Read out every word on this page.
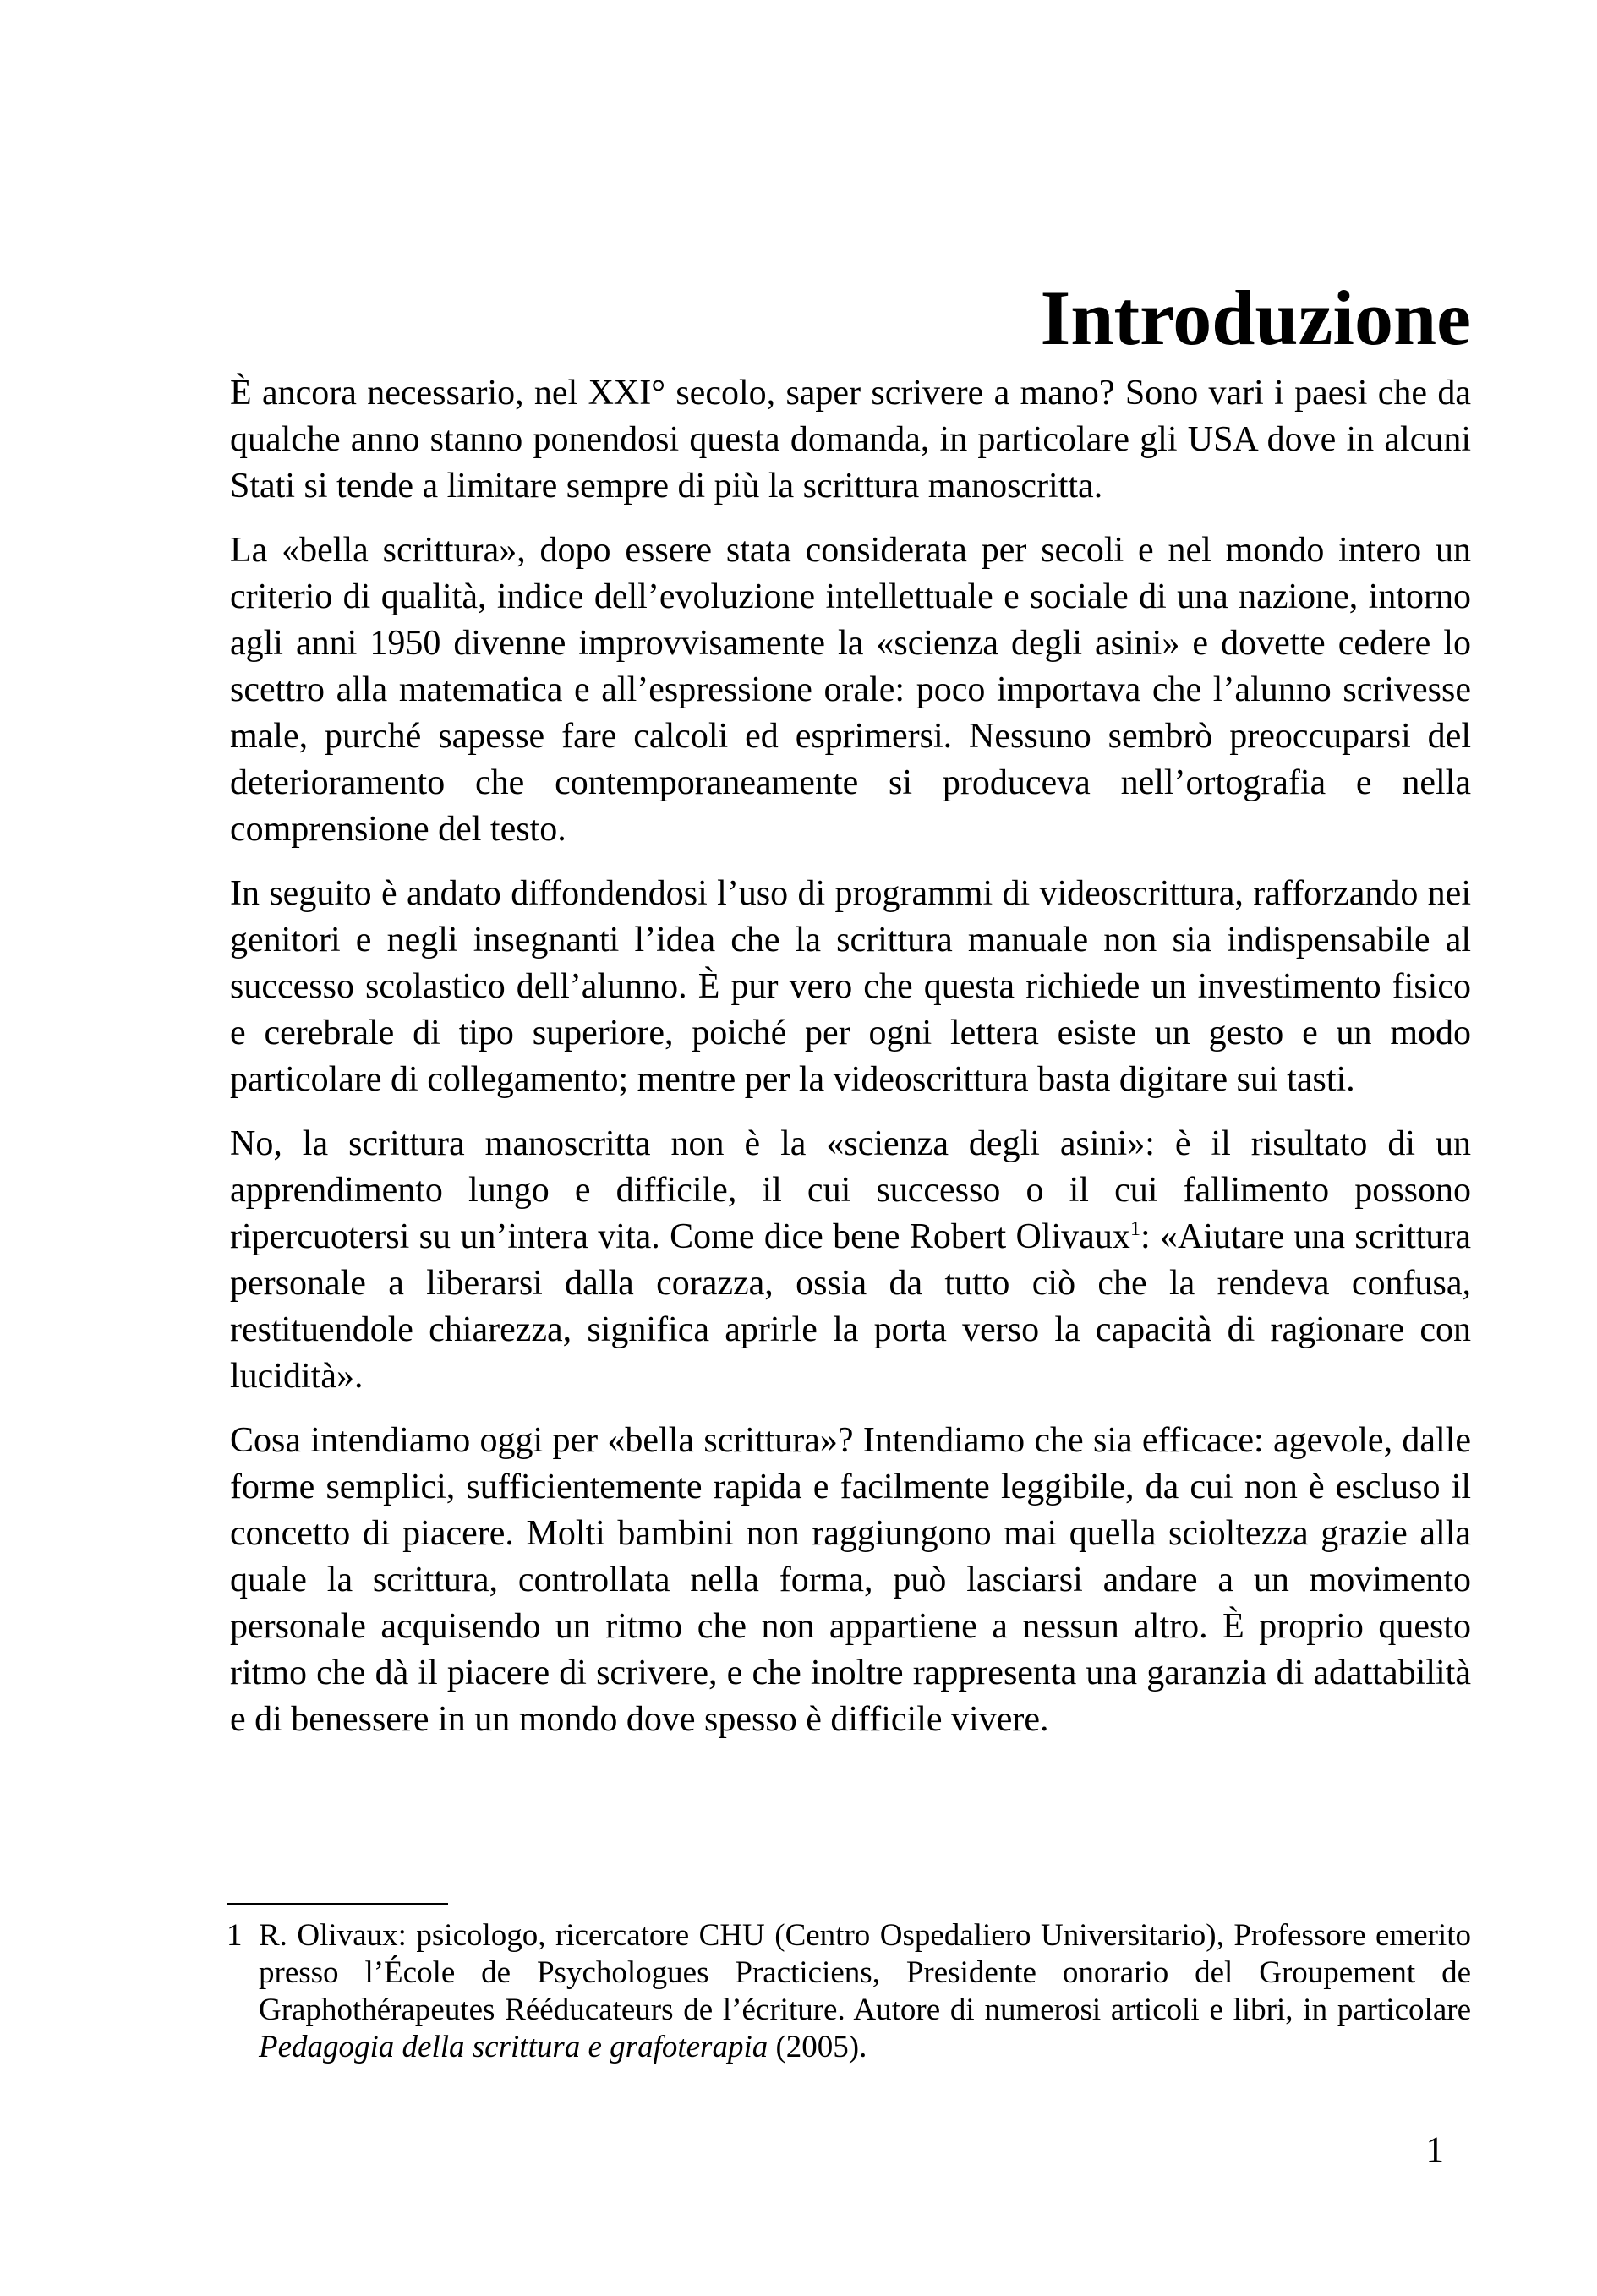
Introduzione

È ancora necessario, nel XXI° secolo, saper scrivere a mano? Sono vari i paesi che da qualche anno stanno ponendosi questa domanda, in particolare gli USA dove in alcuni Stati si tende a limitare sempre di più la scrittura manoscritta.

La «bella scrittura», dopo essere stata considerata per secoli e nel mondo intero un criterio di qualità, indice dell’evoluzione intellettuale e sociale di una nazione, intorno agli anni 1950 divenne improvvisamente la «scienza degli asini» e dovette cedere lo scettro alla matematica e all’espressione orale: poco importava che l’alunno scrivesse male, purché sapesse fare calcoli ed esprimersi. Nessuno sembrò preoccuparsi del deterioramento che contemporaneamente si produceva nell’ortografia e nella comprensione del testo.

In seguito è andato diffondendosi l’uso di programmi di videoscrittura, rafforzando nei genitori e negli insegnanti l’idea che la scrittura manuale non sia indispensabile al successo scolastico dell’alunno. È pur vero che questa richiede un investimento fisico e cerebrale di tipo superiore, poiché per ogni lettera esiste un gesto e un modo particolare di collegamento; mentre per la videoscrittura basta digitare sui tasti.

No, la scrittura manoscritta non è la «scienza degli asini»: è il risultato di un apprendimento lungo e difficile, il cui successo o il cui fallimento possono ripercuotersi su un’intera vita. Come dice bene Robert Olivaux$^1$: «Aiutare una scrittura personale a liberarsi dalla corazza, ossia da tutto ciò che la rendeva confusa, restituendole chiarezza, significa aprirle la porta verso la capacità di ragionare con lucidità».

Cosa intendiamo oggi per «bella scrittura»? Intendiamo che sia efficace: agevole, dalle forme semplici, sufficientemente rapida e facilmente leggibile, da cui non è escluso il concetto di piacere. Molti bambini non raggiungono mai quella scioltezza grazie alla quale la scrittura, controllata nella forma, può lasciarsi andare a un movimento personale acquisendo un ritmo che non appartiene a nessun altro. È proprio questo ritmo che dà il piacere di scrivere, e che inoltre rappresenta una garanzia di adattabilità e di benessere in un mondo dove spesso è difficile vivere.

1 R. Olivaux: psicologo, ricercatore CHU (Centro Ospedaliero Universitario), Professore emerito presso l’École de Psychologues Practiciens, Presidente onorario del Groupement de Graphothérapeutes Rééducateurs de l’écriture. Autore di numerosi articoli e libri, in particolare Pedagogia della scrittura e grafoterapia (2005).
1
